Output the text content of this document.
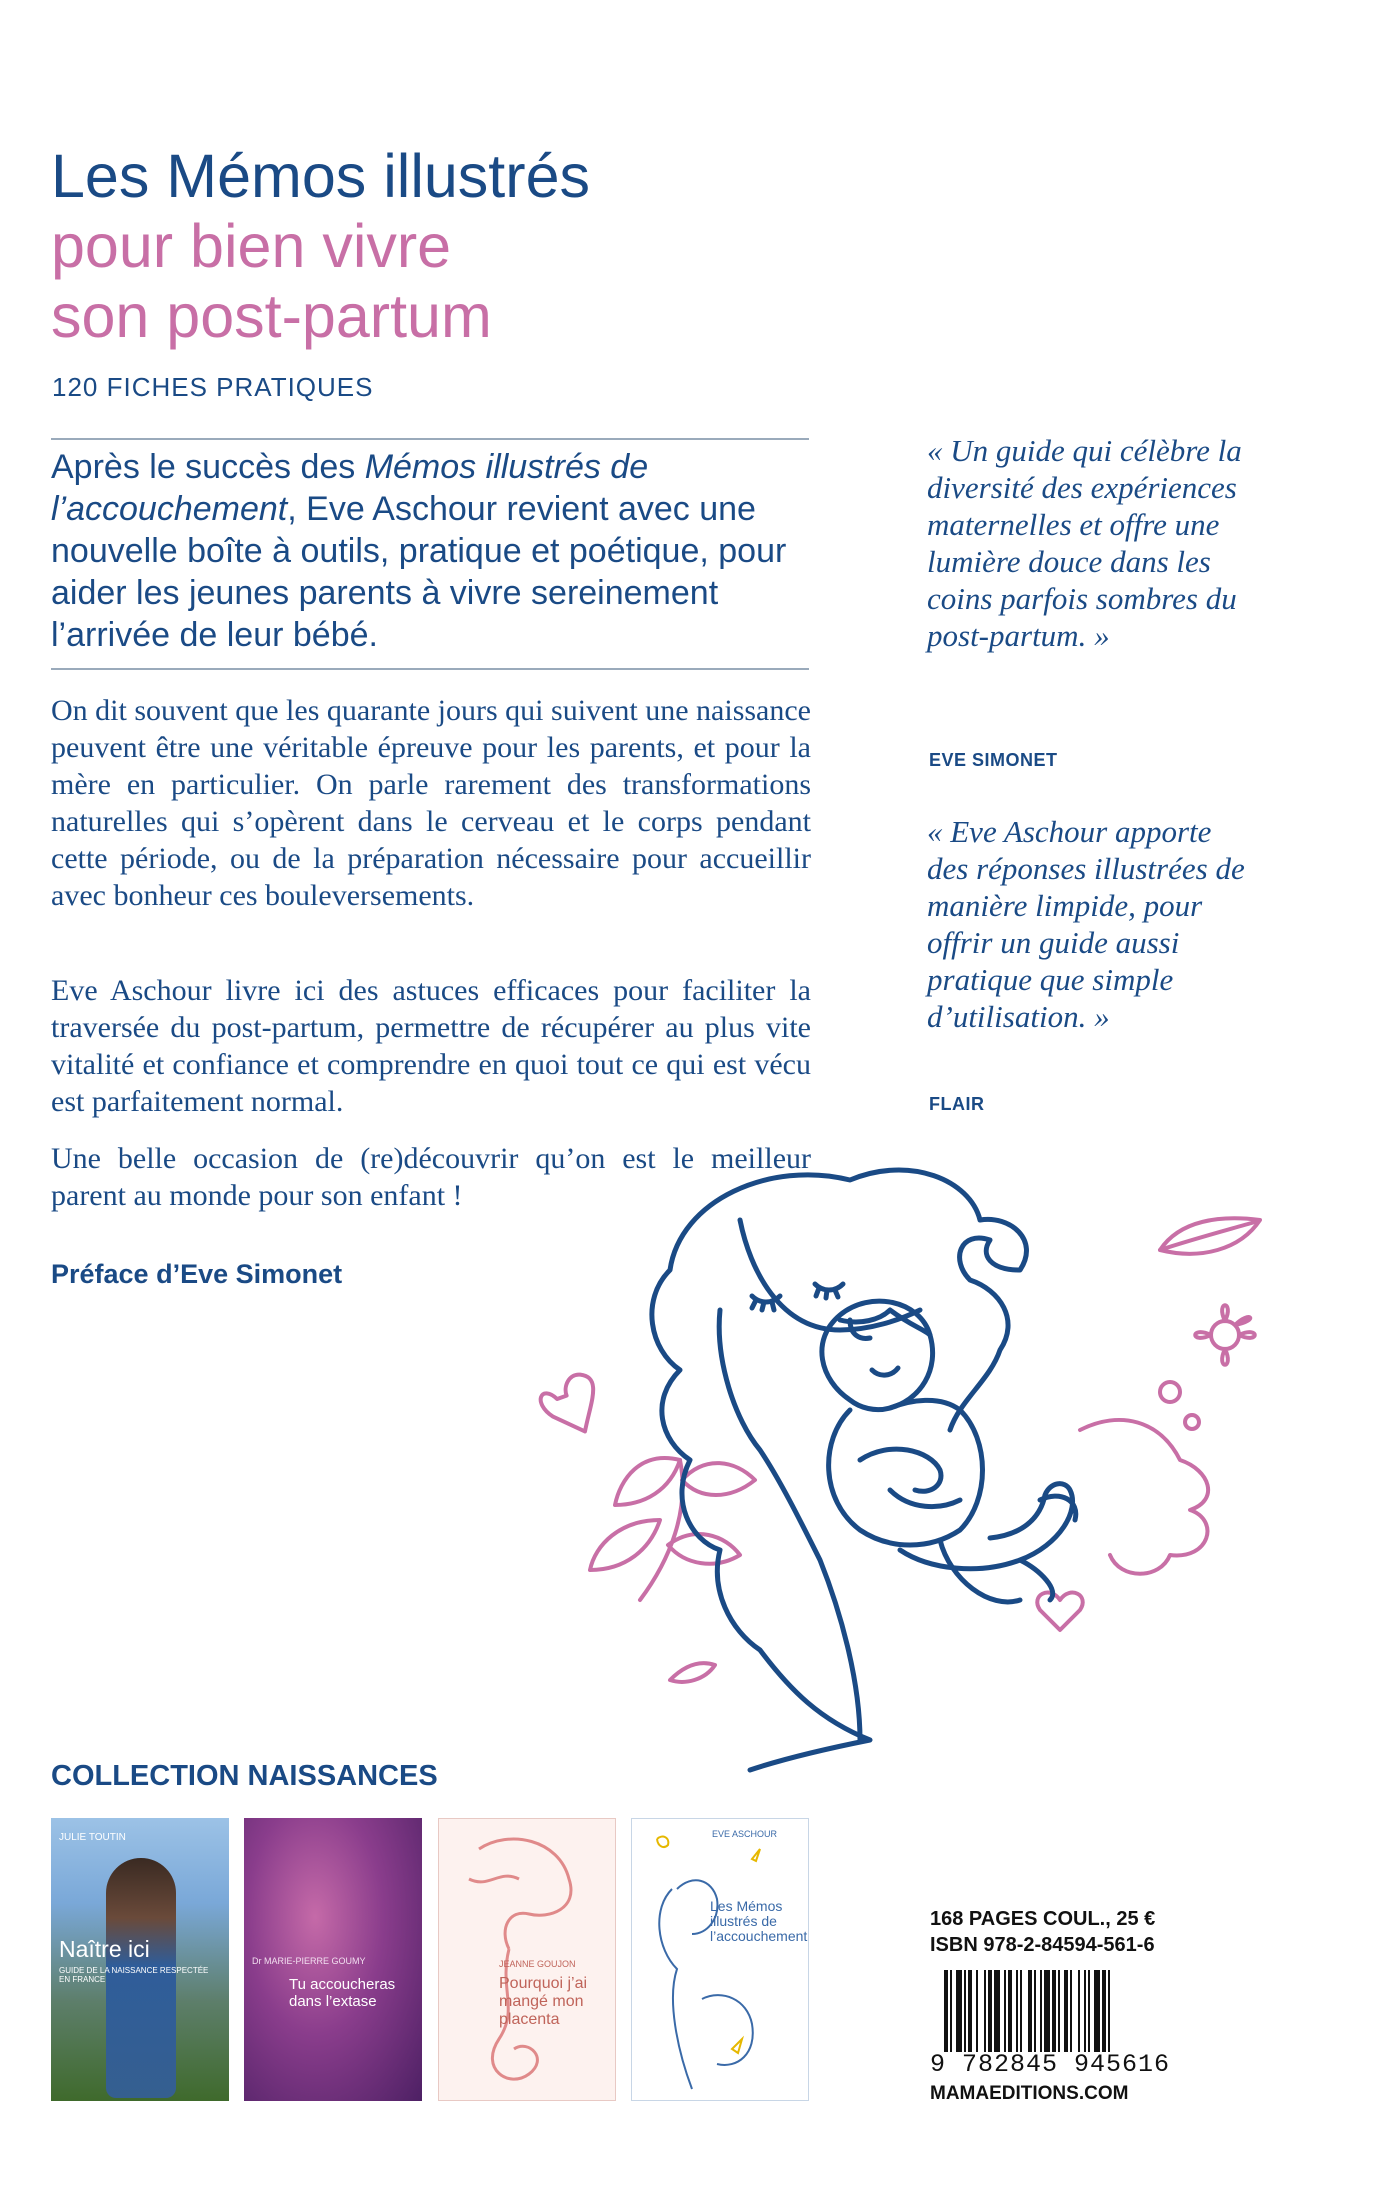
Les Mémos illustrés
pour bien vivre
son post-partum
120 FICHES PRATIQUES
Après le succès des Mémos illustrés de l’accouchement, Eve Aschour revient avec une nouvelle boîte à outils, pratique et poétique, pour aider les jeunes parents à vivre sereinement l’arrivée de leur bébé.

On dit souvent que les quarante jours qui suivent une naissance peuvent être une véritable épreuve pour les parents, et pour la mère en particulier. On parle rarement des transformations naturelles qui s’opèrent dans le cerveau et le corps pendant cette période, ou de la préparation nécessaire pour accueillir avec bonheur ces bouleversements.

Eve Aschour livre ici des astuces efficaces pour faciliter la traversée du post-partum, permettre de récupérer au plus vite vitalité et confiance et comprendre en quoi tout ce qui est vécu est parfaitement normal.

Une belle occasion de (re)découvrir qu’on est le meilleur parent au monde pour son enfant !

Préface d’Eve Simonet

« Un guide qui célèbre la diversité des expériences maternelles et offre une lumière douce dans les coins parfois sombres du post-partum. »

EVE SIMONET

« Eve Aschour apporte des réponses illustrées de manière limpide, pour offrir un guide aussi pratique que simple d’utilisation. »

FLAIR
COLLECTION NAISSANCES
JULIE TOUTIN
Naître ici
GUIDE DE LA NAISSANCE RESPECTÉE EN FRANCE
Dr MARIE-PIERRE GOUMY
Tu accoucheras dans l’extase
JEANNE GOUJON
Pourquoi j’ai mangé mon placenta
EVE ASCHOUR
Les Mémos illustrés de l’accouchement
168 PAGES COUL., 25 €
ISBN 978-2-84594-561-6
9 782845 945616
MAMAEDITIONS.COM
